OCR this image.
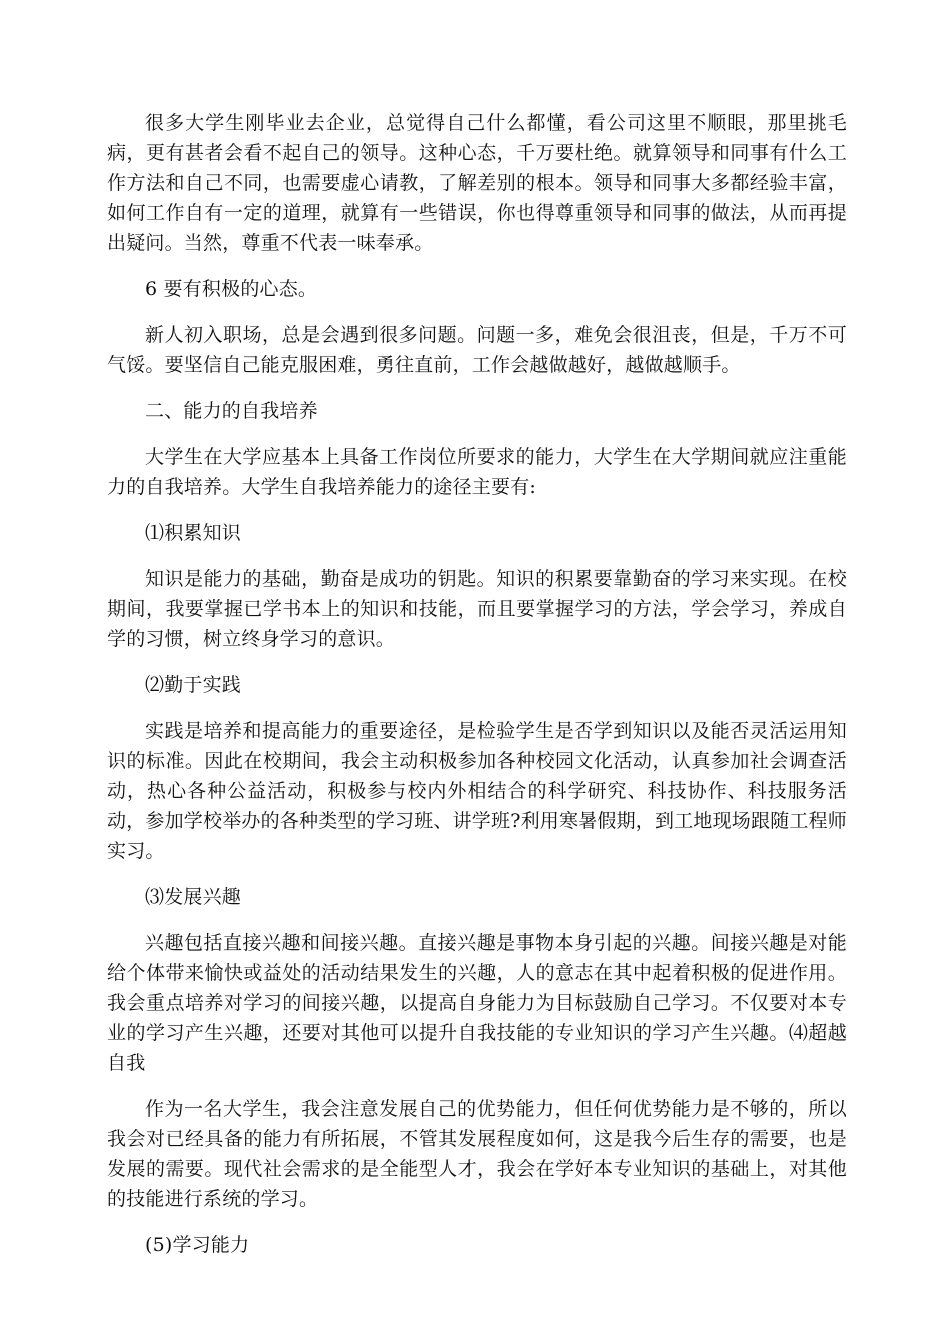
很多大学生刚毕业去企业，总觉得自己什么都懂，看公司这里不顺眼，那里挑毛病，更有甚者会看不起自己的领导。这种心态，千万要杜绝。就算领导和同事有什么工作方法和自己不同，也需要虚心请教，了解差别的根本。领导和同事大多都经验丰富，如何工作自有一定的道理，就算有一些错误，你也得尊重领导和同事的做法，从而再提出疑问。当然，尊重不代表一味奉承。

6 要有积极的心态。

新人初入职场，总是会遇到很多问题。问题一多，难免会很沮丧，但是，千万不可气馁。要坚信自己能克服困难，勇往直前，工作会越做越好，越做越顺手。

二、能力的自我培养

大学生在大学应基本上具备工作岗位所要求的能力，大学生在大学期间就应注重能力的自我培养。大学生自我培养能力的途径主要有:

⑴积累知识

知识是能力的基础，勤奋是成功的钥匙。知识的积累要靠勤奋的学习来实现。在校期间，我要掌握已学书本上的知识和技能，而且要掌握学习的方法，学会学习，养成自学的习惯，树立终身学习的意识。

⑵勤于实践

实践是培养和提高能力的重要途径，是检验学生是否学到知识以及能否灵活运用知识的标准。因此在校期间，我会主动积极参加各种校园文化活动，认真参加社会调查活动，热心各种公益活动，积极参与校内外相结合的科学研究、科技协作、科技服务活动，参加学校举办的各种类型的学习班、讲学班?利用寒暑假期，到工地现场跟随工程师实习。

⑶发展兴趣

兴趣包括直接兴趣和间接兴趣。直接兴趣是事物本身引起的兴趣。间接兴趣是对能给个体带来愉快或益处的活动结果发生的兴趣，人的意志在其中起着积极的促进作用。我会重点培养对学习的间接兴趣，以提高自身能力为目标鼓励自己学习。不仅要对本专业的学习产生兴趣，还要对其他可以提升自我技能的专业知识的学习产生兴趣。⑷超越自我

作为一名大学生，我会注意发展自己的优势能力，但任何优势能力是不够的，所以我会对已经具备的能力有所拓展，不管其发展程度如何，这是我今后生存的需要，也是发展的需要。现代社会需求的是全能型人才，我会在学好本专业知识的基础上，对其他的技能进行系统的学习。

(5)学习能力
